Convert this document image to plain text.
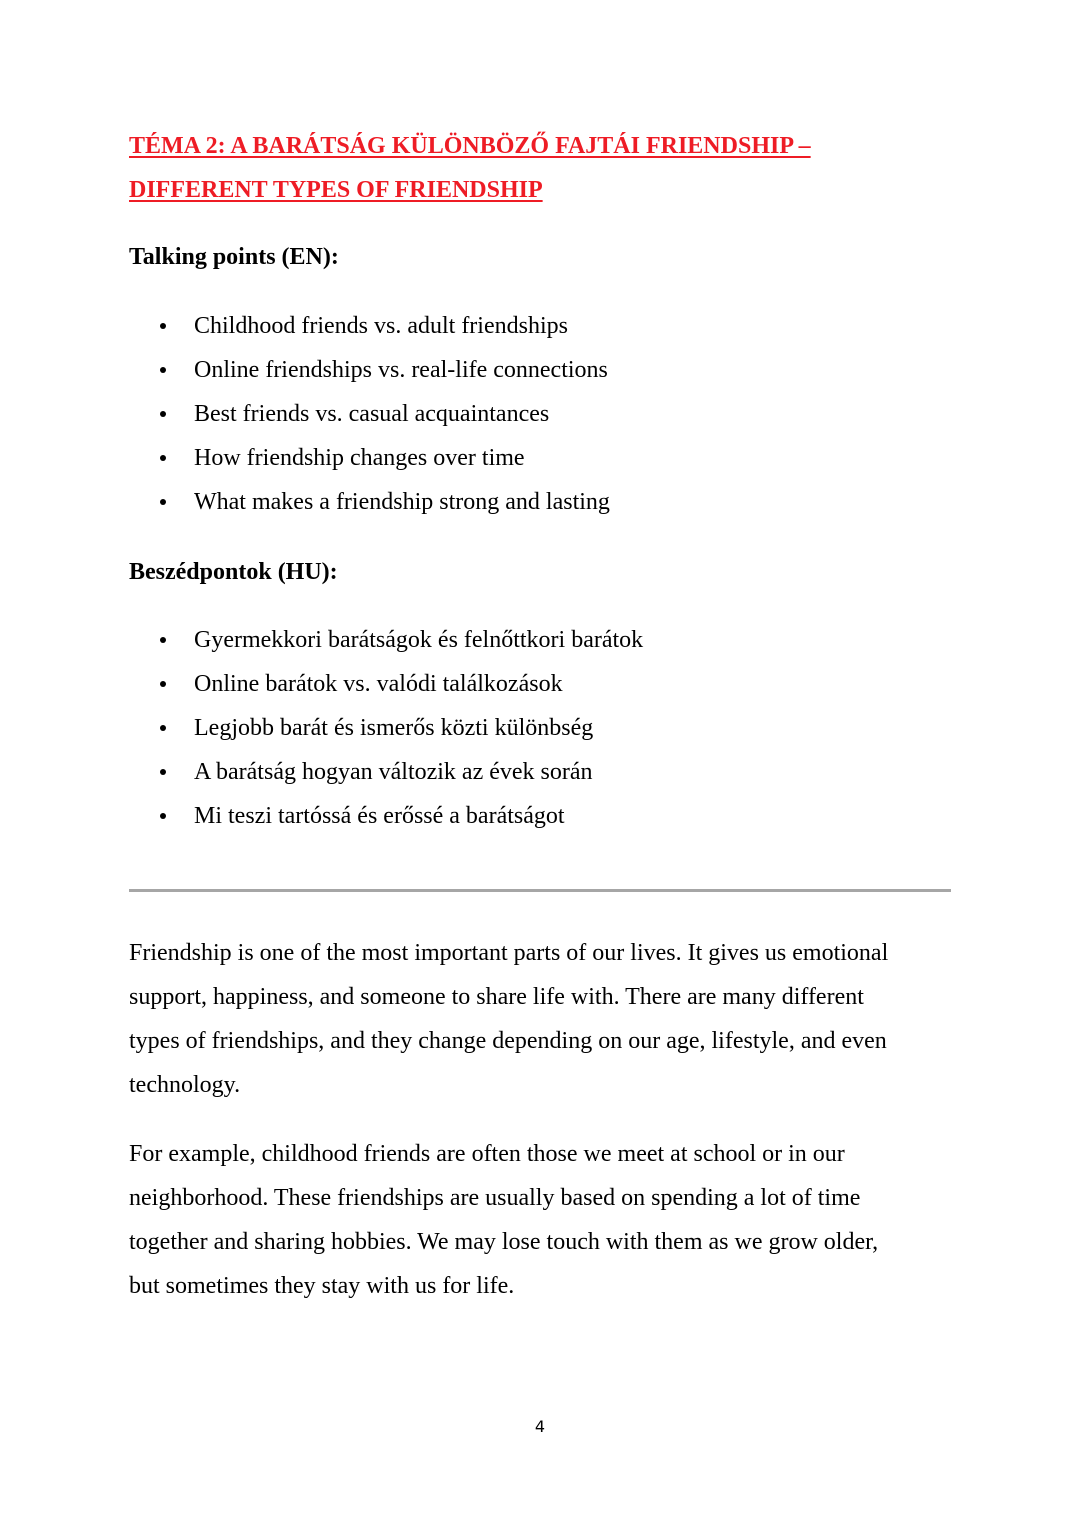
TÉMA 2: A BARÁTSÁG KÜLÖNBÖZŐ FAJTÁI FRIENDSHIP –
DIFFERENT TYPES OF FRIENDSHIP
Talking points (EN):
Childhood friends vs. adult friendships
Online friendships vs. real-life connections
Best friends vs. casual acquaintances
How friendship changes over time
What makes a friendship strong and lasting
Beszédpontok (HU):
Gyermekkori barátságok és felnőttkori barátok
Online barátok vs. valódi találkozások
Legjobb barát és ismerős közti különbség
A barátság hogyan változik az évek során
Mi teszi tartóssá és erőssé a barátságot

Friendship is one of the most important parts of our lives. It gives us emotional
support, happiness, and someone to share life with. There are many different
types of friendships, and they change depending on our age, lifestyle, and even
technology.

For example, childhood friends are often those we meet at school or in our
neighborhood. These friendships are usually based on spending a lot of time
together and sharing hobbies. We may lose touch with them as we grow older,
but sometimes they stay with us for life.

4
